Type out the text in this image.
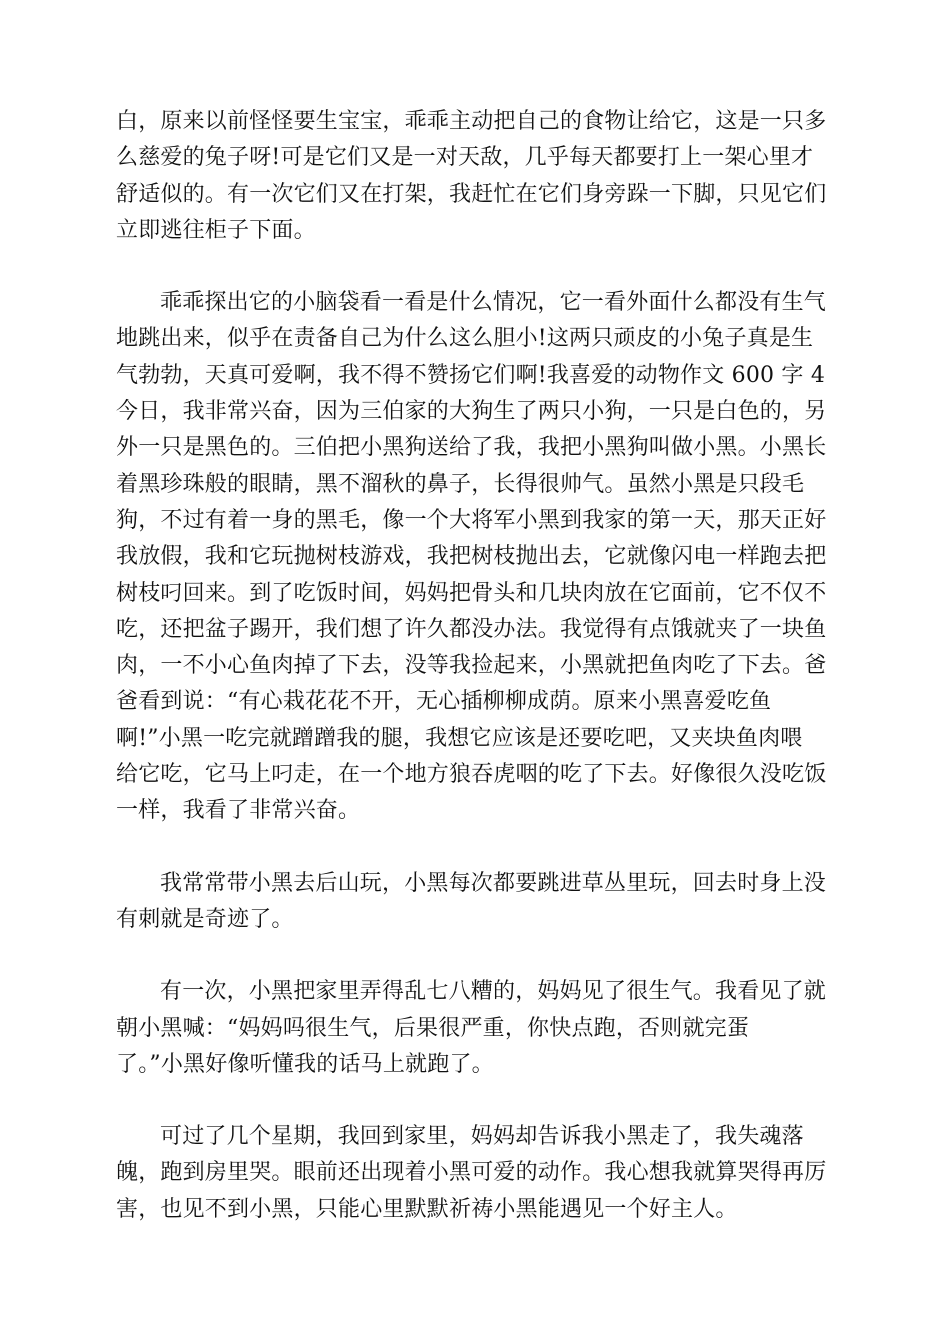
白，原来以前怪怪要生宝宝，乖乖主动把自己的食物让给它，这是一只多
么慈爱的兔子呀!可是它们又是一对天敌，几乎每天都要打上一架心里才
舒适似的。有一次它们又在打架，我赶忙在它们身旁跺一下脚，只见它们
立即逃往柜子下面。

乖乖探出它的小脑袋看一看是什么情况，它一看外面什么都没有生气
地跳出来，似乎在责备自己为什么这么胆小!这两只顽皮的小兔子真是生
气勃勃，天真可爱啊，我不得不赞扬它们啊!我喜爱的动物作文 600 字 4
今日，我非常兴奋，因为三伯家的大狗生了两只小狗，一只是白色的，另
外一只是黑色的。三伯把小黑狗送给了我，我把小黑狗叫做小黑。小黑长
着黑珍珠般的眼睛，黑不溜秋的鼻子，长得很帅气。虽然小黑是只段毛
狗，不过有着一身的黑毛，像一个大将军小黑到我家的第一天，那天正好
我放假，我和它玩抛树枝游戏，我把树枝抛出去，它就像闪电一样跑去把
树枝叼回来。到了吃饭时间，妈妈把骨头和几块肉放在它面前，它不仅不
吃，还把盆子踢开，我们想了许久都没办法。我觉得有点饿就夹了一块鱼
肉，一不小心鱼肉掉了下去，没等我捡起来，小黑就把鱼肉吃了下去。爸
爸看到说：“有心栽花花不开，无心插柳柳成荫。原来小黑喜爱吃鱼
啊!”小黑一吃完就蹭蹭我的腿，我想它应该是还要吃吧，又夹块鱼肉喂
给它吃，它马上叼走，在一个地方狼吞虎咽的吃了下去。好像很久没吃饭
一样，我看了非常兴奋。

我常常带小黑去后山玩，小黑每次都要跳进草丛里玩，回去时身上没
有刺就是奇迹了。

有一次，小黑把家里弄得乱七八糟的，妈妈见了很生气。我看见了就
朝小黑喊：“妈妈吗很生气，后果很严重，你快点跑，否则就完蛋
了。”小黑好像听懂我的话马上就跑了。

可过了几个星期，我回到家里，妈妈却告诉我小黑走了，我失魂落
魄，跑到房里哭。眼前还出现着小黑可爱的动作。我心想我就算哭得再厉
害，也见不到小黑，只能心里默默祈祷小黑能遇见一个好主人。
